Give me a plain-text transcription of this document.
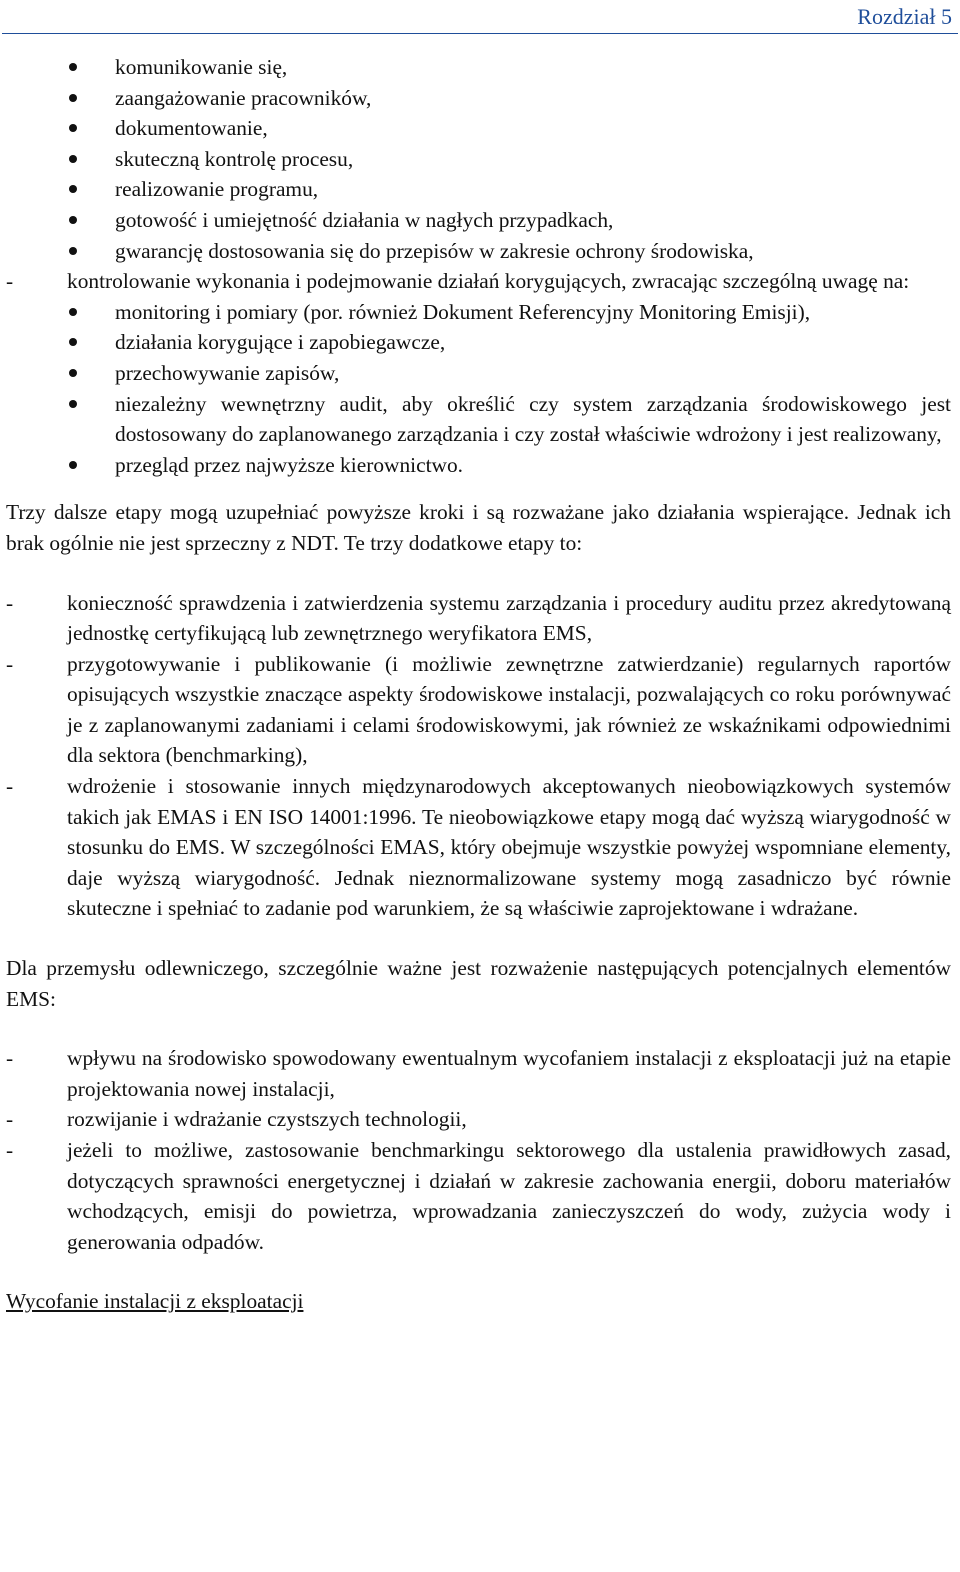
Rozdział 5
komunikowanie się,
zaangażowanie pracowników,
dokumentowanie,
skuteczną kontrolę procesu,
realizowanie programu,
gotowość i umiejętność działania w nagłych przypadkach,
gwarancję dostosowania się do przepisów w zakresie ochrony środowiska,
-	kontrolowanie wykonania i podejmowanie działań korygujących, zwracając szczególną uwagę na:
monitoring i pomiary (por. również Dokument Referencyjny Monitoring Emisji),
działania korygujące i zapobiegawcze,
przechowywanie zapisów,
niezależny wewnętrzny audit, aby określić czy system zarządzania środowiskowego jest dostosowany do zaplanowanego zarządzania i czy został właściwie wdrożony i jest realizowany,
przegląd przez najwyższe kierownictwo.
Trzy dalsze etapy mogą uzupełniać powyższe kroki i są rozważane jako działania wspierające. Jednak ich brak ogólnie nie jest sprzeczny z NDT. Te trzy dodatkowe etapy to:
-	konieczność sprawdzenia i zatwierdzenia systemu zarządzania i procedury auditu przez akredytowaną jednostkę certyfikującą lub zewnętrznego weryfikatora EMS,
-	przygotowywanie i publikowanie (i możliwie zewnętrzne zatwierdzanie) regularnych raportów opisujących wszystkie znaczące aspekty środowiskowe instalacji, pozwalających co roku porównywać je z zaplanowanymi zadaniami i celami środowiskowymi, jak również ze wskaźnikami odpowiednimi dla sektora (benchmarking),
-	wdrożenie i stosowanie innych międzynarodowych akceptowanych nieobowiązkowych systemów takich jak EMAS i EN ISO 14001:1996. Te nieobowiązkowe etapy mogą dać wyższą wiarygodność w stosunku do EMS. W szczególności EMAS, który obejmuje wszystkie powyżej wspomniane elementy, daje wyższą wiarygodność. Jednak nieznormalizowane systemy mogą zasadniczo być równie skuteczne i spełniać to zadanie pod warunkiem, że są właściwie zaprojektowane i wdrażane.
Dla przemysłu odlewniczego, szczególnie ważne jest rozważenie następujących potencjalnych elementów EMS:
-	wpływu na środowisko spowodowany ewentualnym wycofaniem instalacji z eksploatacji już na etapie projektowania nowej instalacji,
-	rozwijanie i wdrażanie czystszych technologii,
-	jeżeli to możliwe, zastosowanie benchmarkingu sektorowego dla ustalenia prawidłowych zasad, dotyczących sprawności energetycznej i działań w zakresie zachowania energii, doboru materiałów wchodzących, emisji do powietrza, wprowadzania zanieczyszczeń do wody, zużycia wody i generowania odpadów.
Wycofanie instalacji z eksploatacji
